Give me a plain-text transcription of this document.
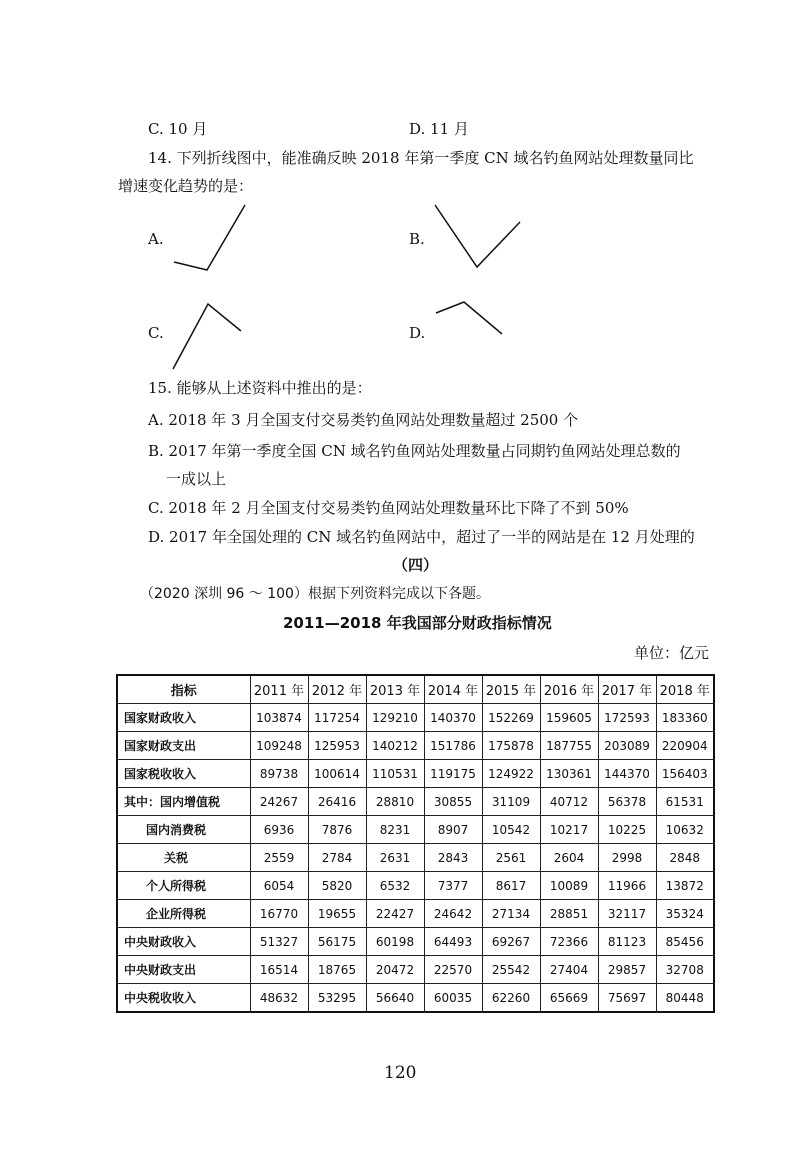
C. 10 月	D. 11 月
14. 下列折线图中，能准确反映 2018 年第一季度 CN 域名钓鱼网站处理数量同比
增速变化趋势的是：
A.	B.
C.	D.
15. 能够从上述资料中推出的是：
A. 2018 年 3 月全国支付交易类钓鱼网站处理数量超过 2500 个
B. 2017 年第一季度全国 CN 域名钓鱼网站处理数量占同期钓鱼网站处理总数的
一成以上
C. 2018 年 2 月全国支付交易类钓鱼网站处理数量环比下降了不到 50%
D. 2017 年全国处理的 CN 域名钓鱼网站中，超过了一半的网站是在 12 月处理的
（四）
（2020 深圳 96 ～ 100）根据下列资料完成以下各题。
2011—2018 年我国部分财政指标情况
单位：亿元
指标	2011 年	2012 年	2013 年	2014 年	2015 年	2016 年	2017 年	2018 年
国家财政收入	103874	117254	129210	140370	152269	159605	172593	183360
国家财政支出	109248	125953	140212	151786	175878	187755	203089	220904
国家税收收入	89738	100614	110531	119175	124922	130361	144370	156403
其中：国内增值税	24267	26416	28810	30855	31109	40712	56378	61531
国内消费税	6936	7876	8231	8907	10542	10217	10225	10632
关税	2559	2784	2631	2843	2561	2604	2998	2848
个人所得税	6054	5820	6532	7377	8617	10089	11966	13872
企业所得税	16770	19655	22427	24642	27134	28851	32117	35324
中央财政收入	51327	56175	60198	64493	69267	72366	81123	85456
中央财政支出	16514	18765	20472	22570	25542	27404	29857	32708
中央税收收入	48632	53295	56640	60035	62260	65669	75697	80448
120
